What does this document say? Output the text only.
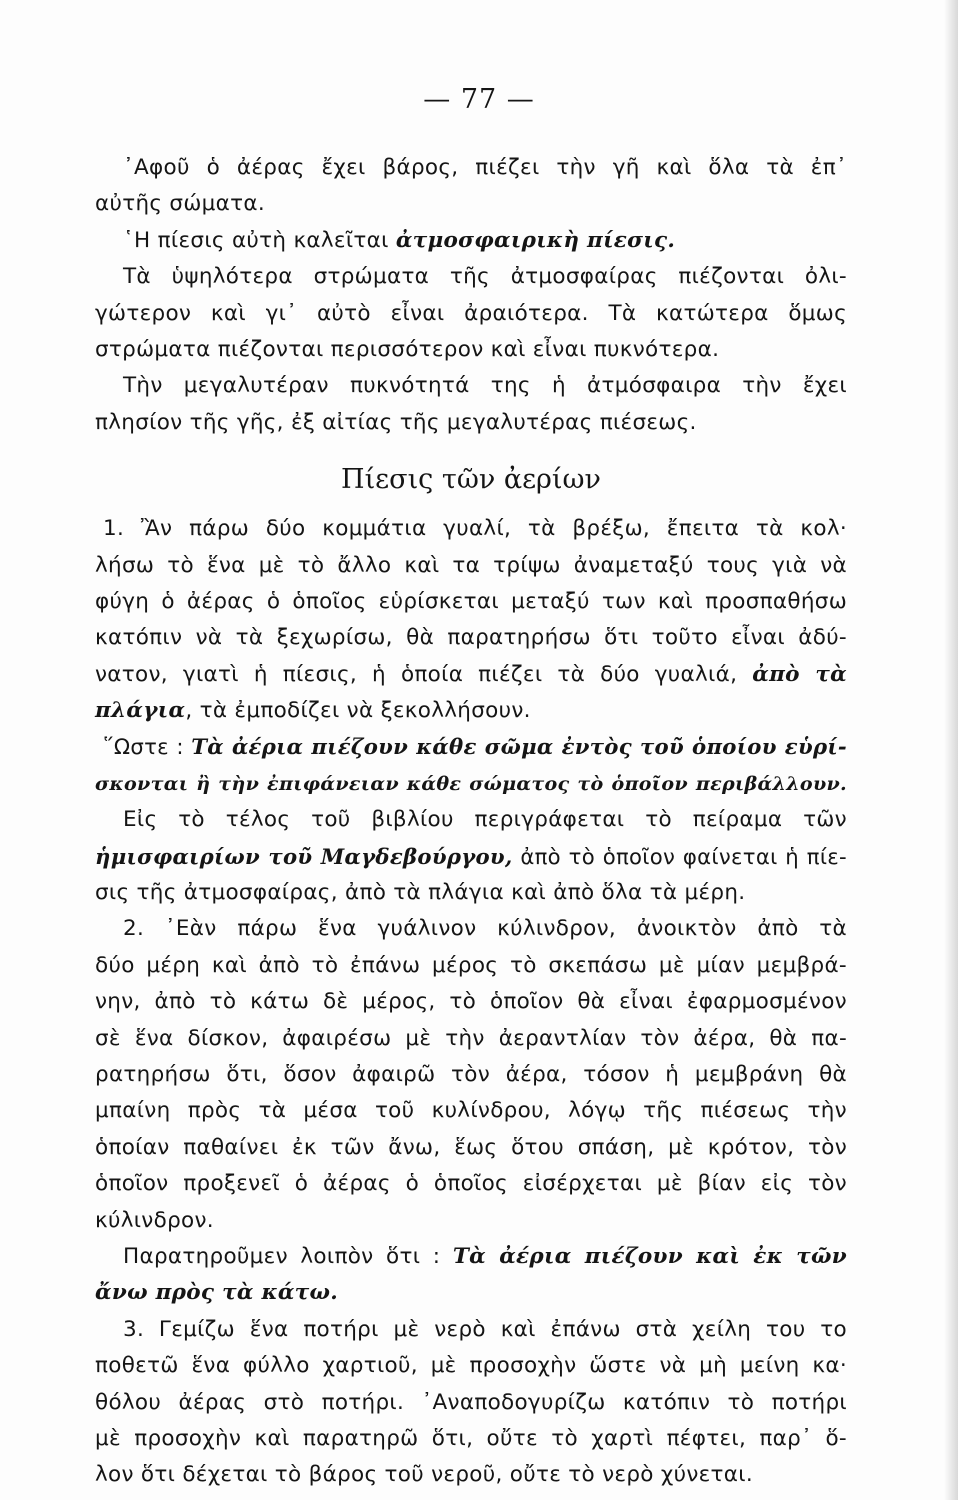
— 77 —
᾿Αφοῦ ὁ ἀέρας ἔχει βάρος, πιέζει τὴν γῆ καὶ ὅλα τὰ ἐπ᾿
αὐτῆς σώματα.
῾Η πίεσις αὐτὴ καλεῖται ἀτμοσφαιρικὴ πίεσις.
Τὰ ὑψηλότερα στρώματα τῆς ἀτμοσφαίρας πιέζονται ὀλι-
γώτερον καὶ γι᾿ αὐτὸ εἶναι ἀραιότερα. Τὰ κατώτερα ὅμως
στρώματα πιέζονται περισσότερον καὶ εἶναι πυκνότερα.
Τὴν μεγαλυτέραν πυκνότητά της ἡ ἀτμόσφαιρα τὴν ἔχει
πλησίον τῆς γῆς, ἐξ αἰτίας τῆς μεγαλυτέρας πιέσεως.
Πίεσις τῶν ἀερίων
1. Ἂν πάρω δύο κομμάτια γυαλί, τὰ βρέξω, ἔπειτα τὰ κολ·
λήσω τὸ ἕνα μὲ τὸ ἄλλο καὶ τα τρίψω ἀναμεταξύ τους γιὰ νὰ
φύγη ὁ ἀέρας ὁ ὁποῖος εὑρίσκεται μεταξύ των καὶ προσπαθήσω
κατόπιν νὰ τὰ ξεχωρίσω, θὰ παρατηρήσω ὅτι τοῦτο εἶναι ἀδύ-
νατον, γιατὶ ἡ πίεσις, ἡ ὁποία πιέζει τὰ δύο γυαλιά, ἀπὸ τὰ
πλάγια, τὰ ἐμποδίζει νὰ ξεκολλήσουν.
῞Ωστε : Τὰ ἀέρια πιέζουν κάθε σῶμα ἐντὸς τοῦ ὁποίου εὑρί-
σκονται ἢ τὴν ἐπιφάνειαν κάθε σώματος τὸ ὁποῖον περιβάλλουν.
Εἰς τὸ τέλος τοῦ βιβλίου περιγράφεται τὸ πείραμα τῶν
ἡμισφαιρίων τοῦ Μαγδεβούργου, ἀπὸ τὸ ὁποῖον φαίνεται ἡ πίε-
σις τῆς ἀτμοσφαίρας, ἀπὸ τὰ πλάγια καὶ ἀπὸ ὅλα τὰ μέρη.
2. ᾿Εὰν πάρω ἕνα γυάλινον κύλινδρον, ἀνοικτὸν ἀπὸ τὰ
δύο μέρη καὶ ἀπὸ τὸ ἐπάνω μέρος τὸ σκεπάσω μὲ μίαν μεμβρά-
νην, ἀπὸ τὸ κάτω δὲ μέρος, τὸ ὁποῖον θὰ εἶναι ἐφαρμοσμένον
σὲ ἕνα δίσκον, ἀφαιρέσω μὲ τὴν ἀεραντλίαν τὸν ἀέρα, θὰ πα-
ρατηρήσω ὅτι, ὅσον ἀφαιρῶ τὸν ἀέρα, τόσον ἡ μεμβράνη θὰ
μπαίνη πρὸς τὰ μέσα τοῦ κυλίνδρου, λόγῳ τῆς πιέσεως τὴν
ὁποίαν παθαίνει ἐκ τῶν ἄνω, ἕως ὅτου σπάση, μὲ κρότον, τὸν
ὁποῖον προξενεῖ ὁ ἀέρας ὁ ὁποῖος εἰσέρχεται μὲ βίαν εἰς τὸν
κύλινδρον.
Παρατηροῦμεν λοιπὸν ὅτι : Τὰ ἀέρια πιέζουν καὶ ἐκ τῶν
ἄνω πρὸς τὰ κάτω.
3. Γεμίζω ἕνα ποτήρι μὲ νερὸ καὶ ἐπάνω στὰ χείλη του το
ποθετῶ ἕνα φύλλο χαρτιοῦ, μὲ προσοχὴν ὥστε νὰ μὴ μείνη κα·
θόλου ἀέρας στὸ ποτήρι. ᾿Αναποδογυρίζω κατόπιν τὸ ποτήρι
μὲ προσοχὴν καὶ παρατηρῶ ὅτι, οὔτε τὸ χαρτὶ πέφτει, παρ᾿ ὅ-
λον ὅτι δέχεται τὸ βάρος τοῦ νεροῦ, οὔτε τὸ νερὸ χύνεται.
